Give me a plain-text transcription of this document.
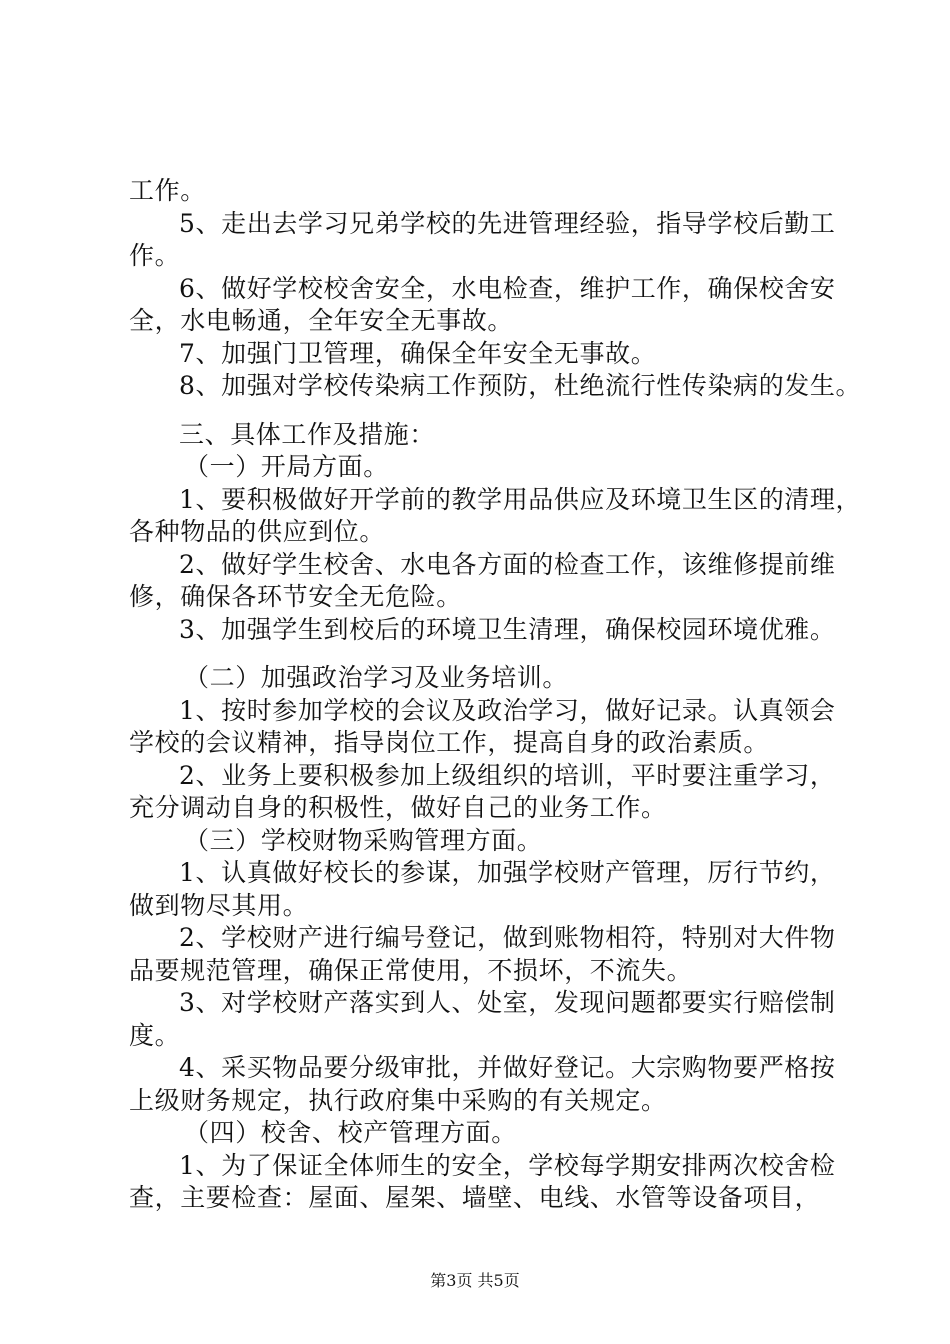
工作。
5、走出去学习兄弟学校的先进管理经验，指导学校后勤工
作。
6、做好学校校舍安全，水电检查，维护工作，确保校舍安
全，水电畅通，全年安全无事故。
7、加强门卫管理，确保全年安全无事故。
8、加强对学校传染病工作预防，杜绝流行性传染病的发生。
三、具体工作及措施：
（一）开局方面。
1、要积极做好开学前的教学用品供应及环境卫生区的清理，
各种物品的供应到位。
2、做好学生校舍、水电各方面的检查工作，该维修提前维
修，确保各环节安全无危险。
3、加强学生到校后的环境卫生清理，确保校园环境优雅。
（二）加强政治学习及业务培训。
1、按时参加学校的会议及政治学习，做好记录。认真领会
学校的会议精神，指导岗位工作，提高自身的政治素质。
2、业务上要积极参加上级组织的培训，平时要注重学习，
充分调动自身的积极性，做好自己的业务工作。
（三）学校财物采购管理方面。
1、认真做好校长的参谋，加强学校财产管理，厉行节约，
做到物尽其用。
2、学校财产进行编号登记，做到账物相符，特别对大件物
品要规范管理，确保正常使用，不损坏，不流失。
3、对学校财产落实到人、处室，发现问题都要实行赔偿制
度。
4、采买物品要分级审批，并做好登记。大宗购物要严格按
上级财务规定，执行政府集中采购的有关规定。
（四）校舍、校产管理方面。
1、为了保证全体师生的安全，学校每学期安排两次校舍检
查，主要检查：屋面、屋架、墙壁、电线、水管等设备项目，
第3页 共5页
